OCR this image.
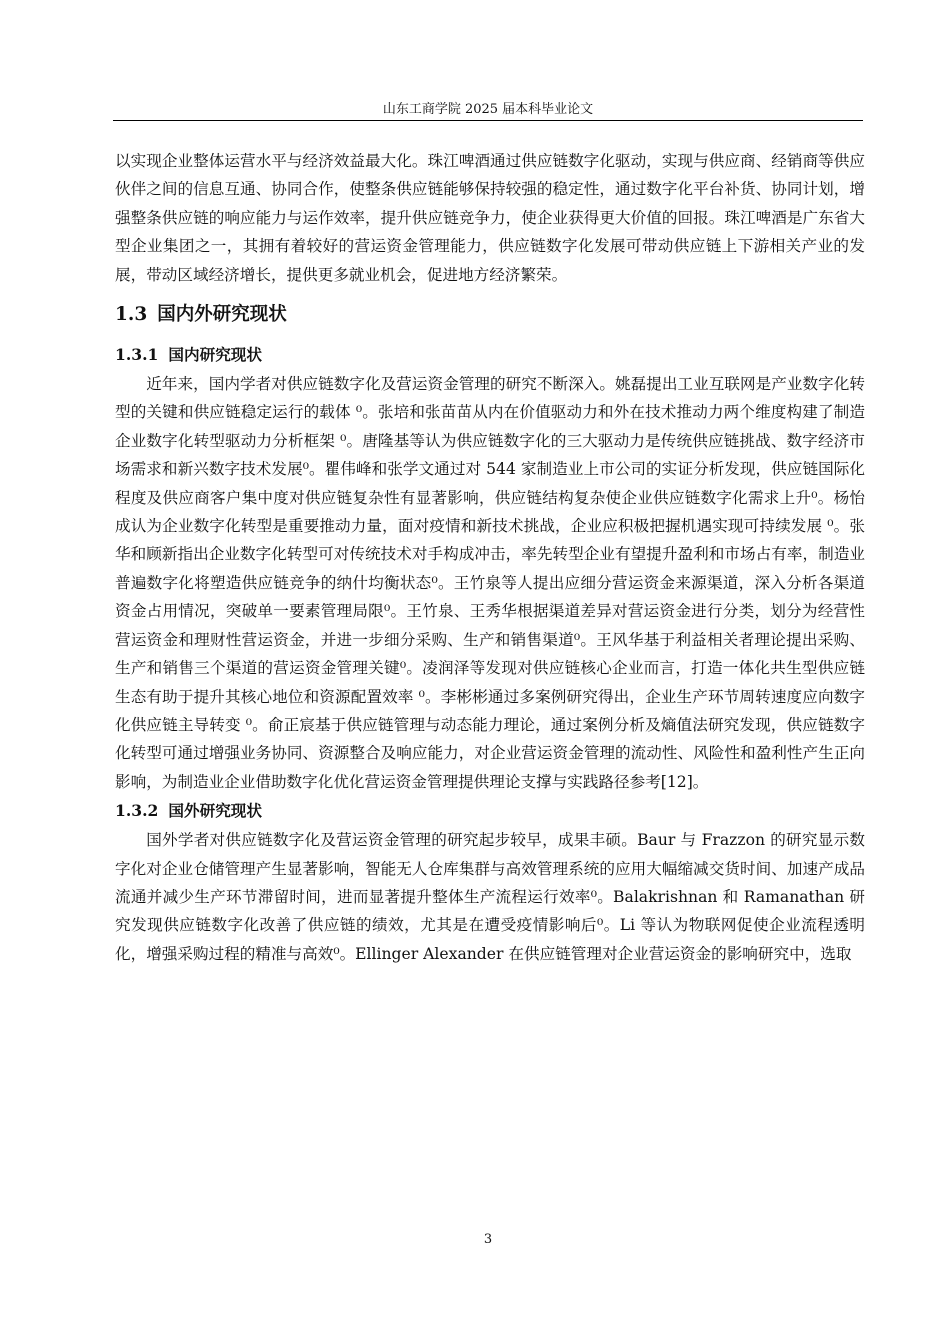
山东工商学院 2025 届本科毕业论文

以实现企业整体运营水平与经济效益最大化。珠江啤酒通过供应链数字化驱动，实现与供应商、经销商等供应伙伴之间的信息互通、协同合作，使整条供应链能够保持较强的稳定性，通过数字化平台补货、协同计划，增强整条供应链的响应能力与运作效率，提升供应链竞争力，使企业获得更大价值的回报。珠江啤酒是广东省大型企业集团之一，其拥有着较好的营运资金管理能力，供应链数字化发展可带动供应链上下游相关产业的发展，带动区域经济增长，提供更多就业机会，促进地方经济繁荣。

1.3 国内外研究现状
1.3.1 国内研究现状

近年来，国内学者对供应链数字化及营运资金管理的研究不断深入。姚磊提出工业互联网是产业数字化转型的关键和供应链稳定运行的载体 ⁰。张培和张苗苗从内在价值驱动力和外在技术推动力两个维度构建了制造企业数字化转型驱动力分析框架 ⁰。唐隆基等认为供应链数字化的三大驱动力是传统供应链挑战、数字经济市场需求和新兴数字技术发展⁰。瞿伟峰和张学文通过对 544 家制造业上市公司的实证分析发现，供应链国际化程度及供应商客户集中度对供应链复杂性有显著影响，供应链结构复杂使企业供应链数字化需求上升⁰。杨怡成认为企业数字化转型是重要推动力量，面对疫情和新技术挑战，企业应积极把握机遇实现可持续发展 ⁰。张华和顾新指出企业数字化转型可对传统技术对手构成冲击，率先转型企业有望提升盈利和市场占有率，制造业普遍数字化将塑造供应链竞争的纳什均衡状态⁰。王竹泉等人提出应细分营运资金来源渠道，深入分析各渠道资金占用情况，突破单一要素管理局限⁰。王竹泉、王秀华根据渠道差异对营运资金进行分类，划分为经营性营运资金和理财性营运资金，并进一步细分采购、生产和销售渠道⁰。王风华基于利益相关者理论提出采购、生产和销售三个渠道的营运资金管理关键⁰。凌润泽等发现对供应链核心企业而言，打造一体化共生型供应链生态有助于提升其核心地位和资源配置效率 ⁰。李彬彬通过多案例研究得出，企业生产环节周转速度应向数字化供应链主导转变 ⁰。俞正宸基于供应链管理与动态能力理论，通过案例分析及熵值法研究发现，供应链数字化转型可通过增强业务协同、资源整合及响应能力，对企业营运资金管理的流动性、风险性和盈利性产生正向影响，为制造业企业借助数字化优化营运资金管理提供理论支撑与实践路径参考[12]。

1.3.2 国外研究现状

国外学者对供应链数字化及营运资金管理的研究起步较早，成果丰硕。Baur 与 Frazzon 的研究显示数字化对企业仓储管理产生显著影响，智能无人仓库集群与高效管理系统的应用大幅缩减交货时间、加速产成品流通并减少生产环节滞留时间，进而显著提升整体生产流程运行效率⁰。Balakrishnan 和 Ramanathan 研究发现供应链数字化改善了供应链的绩效，尤其是在遭受疫情影响后⁰。Li 等认为物联网促使企业流程透明化，增强采购过程的精准与高效⁰。Ellinger Alexander 在供应链管理对企业营运资金的影响研究中，选取

3
